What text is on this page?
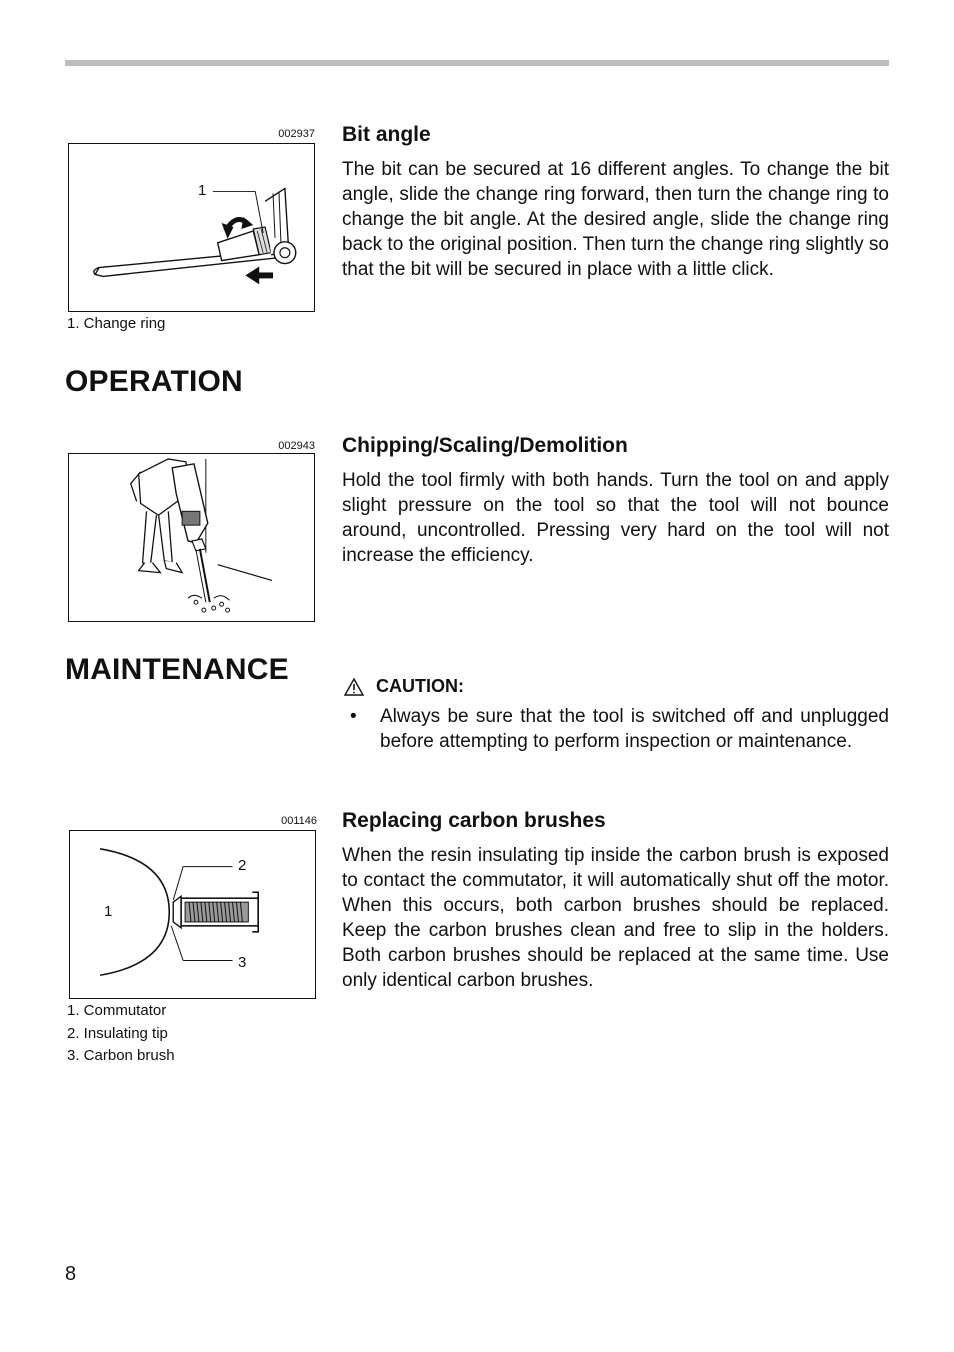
002937
1
1. Change ring
Bit angle

The bit can be secured at 16 different angles. To change the bit angle, slide the change ring forward, then turn the change ring to change the bit angle. At the desired angle, slide the change ring back to the original position. Then turn the change ring slightly so that the bit will be secured in place with a little click.

OPERATION
002943 Chipping/Scaling/Demolition

Hold the tool firmly with both hands. Turn the tool on and apply slight pressure on the tool so that the tool will not bounce around, uncontrolled. Pressing very hard on the tool will not increase the efficiency.

MAINTENANCE	CAUTION:
•	Always be sure that the tool is switched off and unplugged before attempting to perform inspection or maintenance.
001146
1
2
3
1. Commutator
2. Insulating tip
3. Carbon brush
Replacing carbon brushes

When the resin insulating tip inside the carbon brush is exposed to contact the commutator, it will automatically shut off the motor. When this occurs, both carbon brushes should be replaced. Keep the carbon brushes clean and free to slip in the holders. Both carbon brushes should be replaced at the same time. Use only identical carbon brushes.

8
